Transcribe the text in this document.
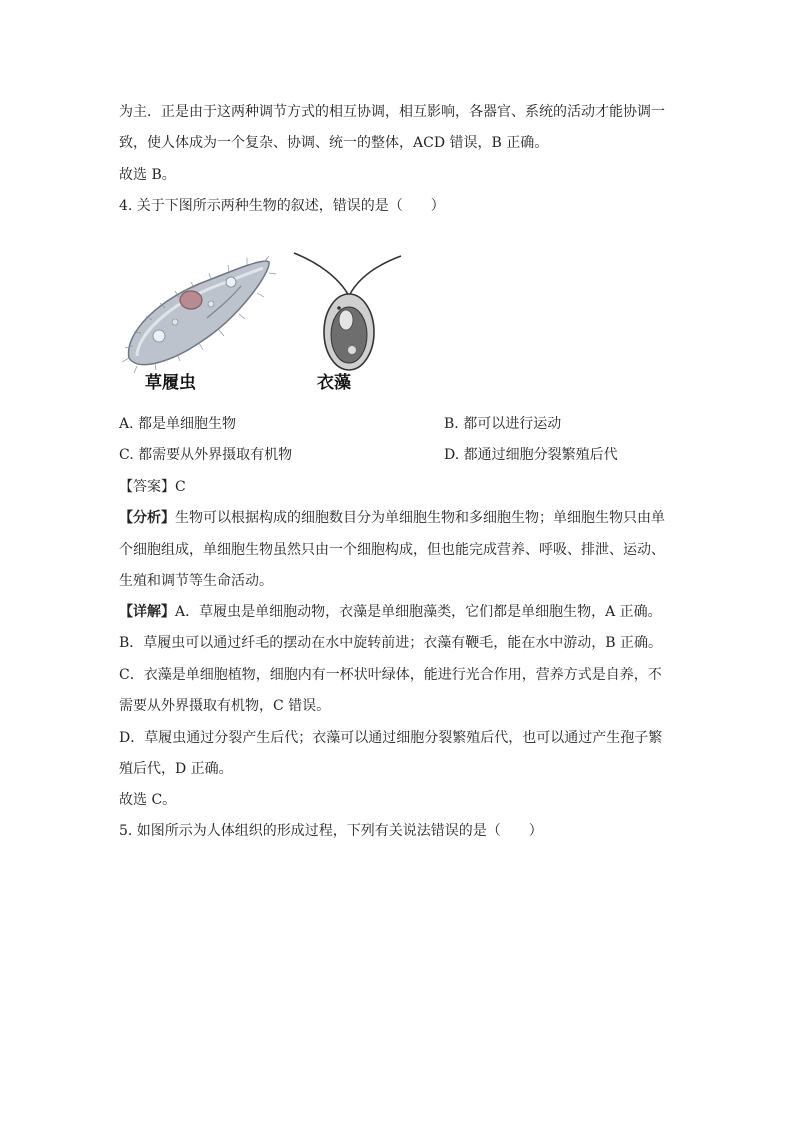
为主．正是由于这两种调节方式的相互协调，相互影响，各器官、系统的活动才能协调一
致，使人体成为一个复杂、协调、统一的整体，ACD 错误，B 正确。
故选 B。
4. 关于下图所示两种生物的叙述，错误的是（　　）
草履虫	衣藻
A. 都是单细胞生物	B. 都可以进行运动
C. 都需要从外界摄取有机物	D. 都通过细胞分裂繁殖后代
【答案】C
【分析】生物可以根据构成的细胞数目分为单细胞生物和多细胞生物；单细胞生物只由单
个细胞组成，单细胞生物虽然只由一个细胞构成，但也能完成营养、呼吸、排泄、运动、
生殖和调节等生命活动。
【详解】A．草履虫是单细胞动物，衣藻是单细胞藻类，它们都是单细胞生物，A 正确。
B．草履虫可以通过纤毛的摆动在水中旋转前进；衣藻有鞭毛，能在水中游动，B 正确。
C．衣藻是单细胞植物，细胞内有一杯状叶绿体，能进行光合作用，营养方式是自养，不
需要从外界摄取有机物，C 错误。
D．草履虫通过分裂产生后代；衣藻可以通过细胞分裂繁殖后代，也可以通过产生孢子繁
殖后代，D 正确。
故选 C。
5. 如图所示为人体组织的形成过程，下列有关说法错误的是（　　）
